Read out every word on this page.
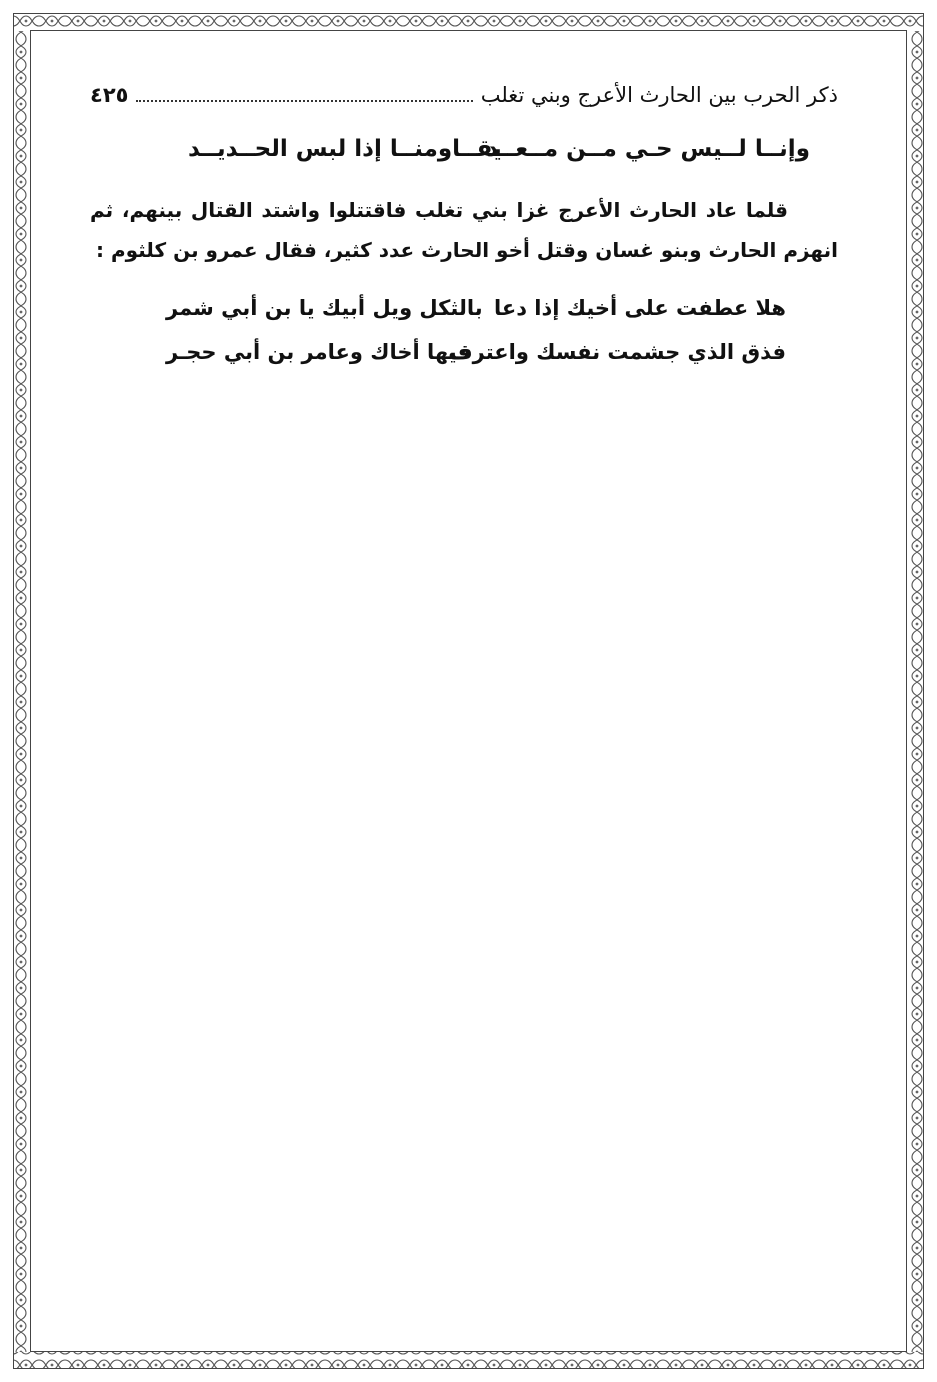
ذكر الحرب بين الحارث الأعرج وبني تغلب
٤٢٥
وإنــا لــيس حـي مــن مــعــد
يقــاومنــا إذا لبس الحــديــد
قلما عاد الحارث الأعرج غزا بني تغلب فاقتتلوا واشتد القتال بينهم، ثم انهزم الحارث وبنو غسان وقتل أخو الحارث عدد كثير، فقال عمرو بن كلثوم :
هلا عطفت على أخيك إذا دعا
بالثكل ويل أبيك يا بن أبي شمر
فذق الذي جشمت نفسك واعترف
فيها أخاك وعامر بن أبي حجـر
